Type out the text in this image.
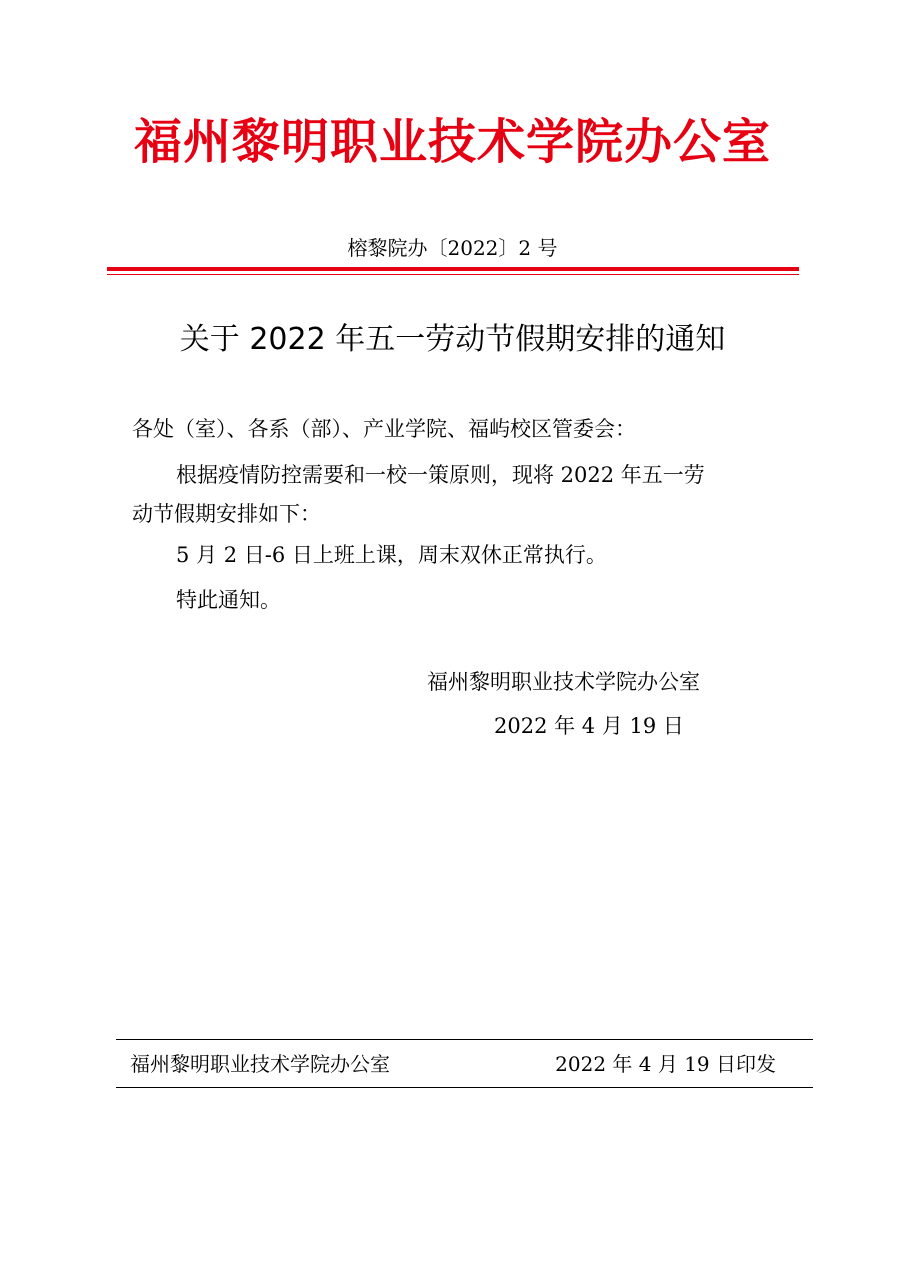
福州黎明职业技术学院办公室
榕黎院办〔2022〕2 号
关于 2022 年五一劳动节假期安排的通知
各处（室）、各系（部）、产业学院、福屿校区管委会：
根据疫情防控需要和一校一策原则，现将 2022 年五一劳
动节假期安排如下：
5 月 2 日-6 日上班上课，周末双休正常执行。
特此通知。
福州黎明职业技术学院办公室
2022 年 4 月 19 日
福州黎明职业技术学院办公室	2022 年 4 月 19 日印发
